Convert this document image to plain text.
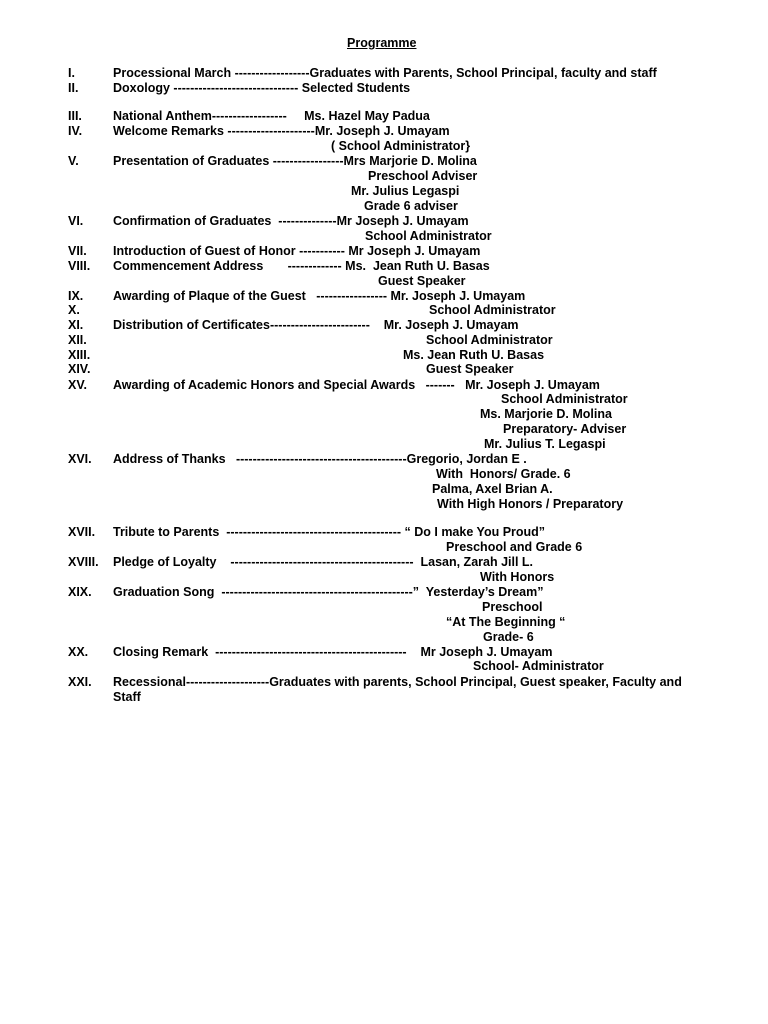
Programme
I.	Processional March ------------------Graduates with Parents, School Principal, faculty and staff
II.	Doxology ------------------------------ Selected Students
III. National Anthem------------------     Ms. Hazel May Padua
IV. Welcome Remarks ---------------------Mr. Joseph J. Umayam
( School Administrator}
V.	Presentation of Graduates -----------------Mrs Marjorie D. Molina
Preschool Adviser
Mr. Julius Legaspi
Grade 6 adviser
VI. Confirmation of Graduates  --------------Mr Joseph J. Umayam
School Administrator
VII. Introduction of Guest of Honor ----------- Mr Joseph J. Umayam
VIII. Commencement Address       ------------- Ms.  Jean Ruth U. Basas
Guest Speaker
IX. Awarding of Plaque of the Guest   ----------------- Mr. Joseph J. Umayam
X.	School Administrator
XI. Distribution of Certificates------------------------    Mr. Joseph J. Umayam
XII.	School Administrator
XIII.	Ms. Jean Ruth U. Basas
XIV.	Guest Speaker
XV. Awarding of Academic Honors and Special Awards   -------   Mr. Joseph J. Umayam
School Administrator
Ms. Marjorie D. Molina
Preparatory- Adviser
Mr. Julius T. Legaspi
XVI. Address of Thanks   -----------------------------------------Gregorio, Jordan E .
With  Honors/ Grade. 6
Palma, Axel Brian A.
With High Honors / Preparatory
XVII. Tribute to Parents  ------------------------------------------ “ Do I make You Proud”
Preschool and Grade 6
XVIII. Pledge of Loyalty    --------------------------------------------  Lasan, Zarah Jill L.
With Honors
XIX. Graduation Song  ----------------------------------------------”  Yesterday’s Dream”
Preschool
“At The Beginning “
Grade- 6
XX. Closing Remark  ----------------------------------------------    Mr Joseph J. Umayam
School- Administrator
XXI. Recessional--------------------Graduates with parents, School Principal, Guest speaker, Faculty and
Staff
